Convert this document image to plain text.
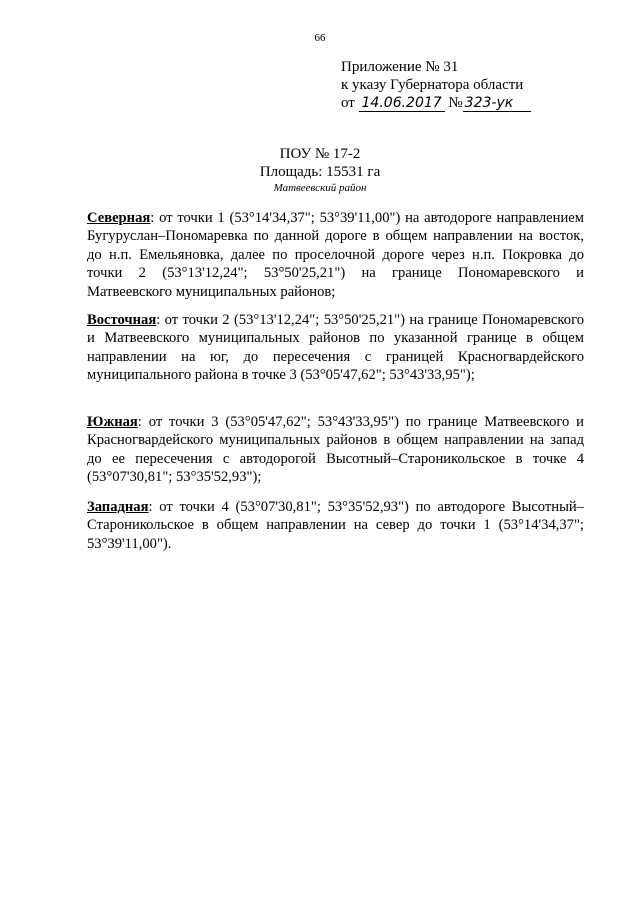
66
Приложение № 31
к указу Губернатора области
от 14.06.2017 № 323-ук
ПОУ № 17-2
Площадь: 15531 га
Матвеевский район
Северная: от точки 1 (53°14'34,37"; 53°39'11,00") на автодороге направлением Бугуруслан–Пономаревка по данной дороге в общем направлении на восток, до н.п. Емельяновка, далее по проселочной дороге через н.п. Покровка до точки 2 (53°13'12,24"; 53°50'25,21") на границе Пономаревского и Матвеевского муниципальных районов;
Восточная: от точки 2 (53°13'12,24"; 53°50'25,21") на границе Пономаревского и Матвеевского муниципальных районов по указанной границе в общем направлении на юг, до пересечения с границей Красногвардейского муниципального района в точке 3 (53°05'47,62"; 53°43'33,95");
Южная: от точки 3 (53°05'47,62"; 53°43'33,95") по границе Матвеевского и Красногвардейского муниципальных районов в общем направлении на запад до ее пересечения с автодорогой Высотный–Староникольское в точке 4 (53°07'30,81"; 53°35'52,93");
Западная: от точки 4 (53°07'30,81"; 53°35'52,93") по автодороге Высотный–Староникольское в общем направлении на север до точки 1 (53°14'34,37"; 53°39'11,00").
